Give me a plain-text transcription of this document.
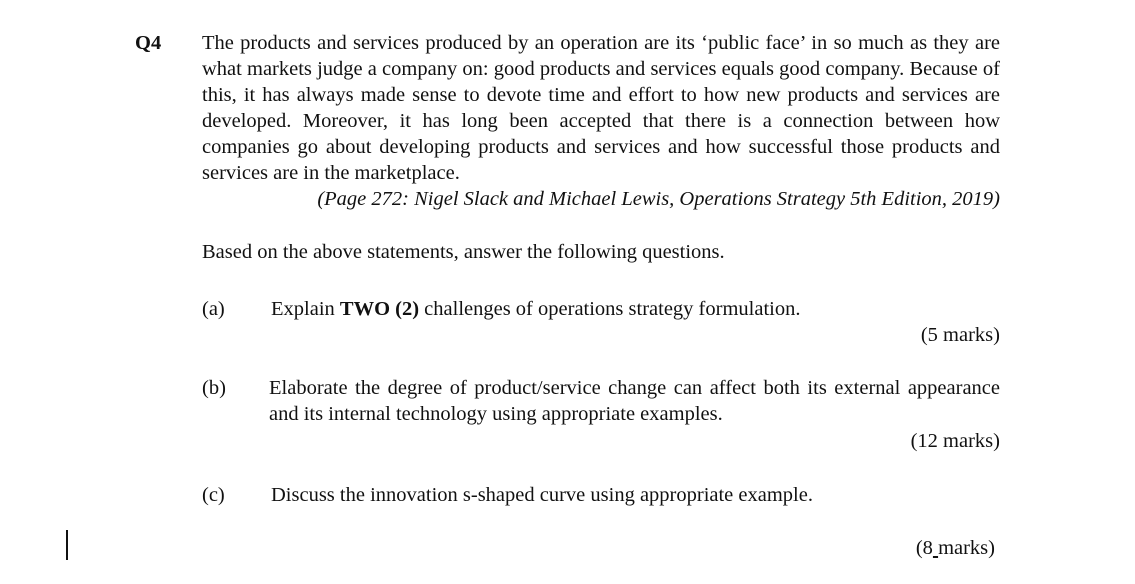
Q4 The products and services produced by an operation are its ‘public face’ in so much as they are what markets judge a company on: good products and services equals good company. Because of this, it has always made sense to devote time and effort to how new products and services are developed. Moreover, it has long been accepted that there is a connection between how companies go about developing products and services and how successful those products and services are in the marketplace.
(Page 272: Nigel Slack and Michael Lewis, Operations Strategy 5th Edition, 2019)
Based on the above statements, answer the following questions.
(a) Explain TWO (2) challenges of operations strategy formulation.
(5 marks)
(b) Elaborate the degree of product/service change can affect both its external appearance and its internal technology using appropriate examples.
(12 marks)
(c) Discuss the innovation s-shaped curve using appropriate example.
(8 marks)
